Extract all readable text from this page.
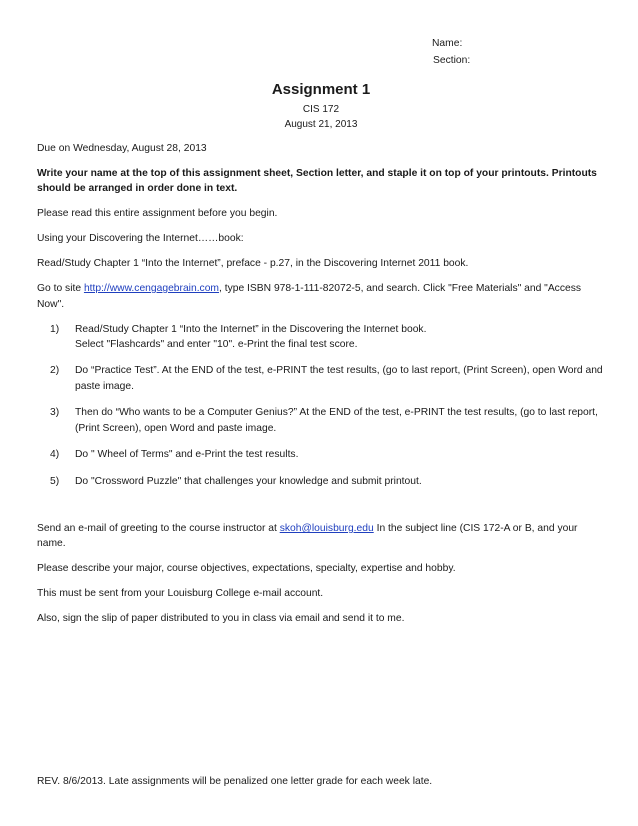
Name:
Section:
Assignment 1
CIS 172
August 21, 2013

Due on Wednesday, August 28, 2013

Write your name at the top of this assignment sheet, Section letter, and staple it on top of your printouts. Printouts should be arranged in order done in text.

Please read this entire assignment before you begin.

Using your Discovering the Internet……book:

Read/Study Chapter 1 “Into the Internet”, preface - p.27, in the Discovering Internet 2011 book.

Go to site http://www.cengagebrain.com, type ISBN 978-1-111-82072-5, and search. Click "Free Materials" and "Access Now".

1)	Read/Study Chapter 1 “Into the Internet” in the Discovering the Internet book.
Select "Flashcards" and enter "10". e-Print the final test score.
2)	Do “Practice Test”. At the END of the test, e-PRINT the test results, (go to last report, (Print Screen), open Word and paste image.
3)	Then do “Who wants to be a Computer Genius?” At the END of the test, e-PRINT the test results, (go to last report, (Print Screen), open Word and paste image.
4)	Do " Wheel of Terms" and e-Print the test results.
5)	Do "Crossword Puzzle" that challenges your knowledge and submit printout.

Send an e-mail of greeting to the course instructor at skoh@louisburg.edu In the subject line (CIS 172-A or B, and your name.

Please describe your major, course objectives, expectations, specialty, expertise and hobby.

This must be sent from your Louisburg College e-mail account.

Also, sign the slip of paper distributed to you in class via email and send it to me.

REV. 8/6/2013. Late assignments will be penalized one letter grade for each week late.
